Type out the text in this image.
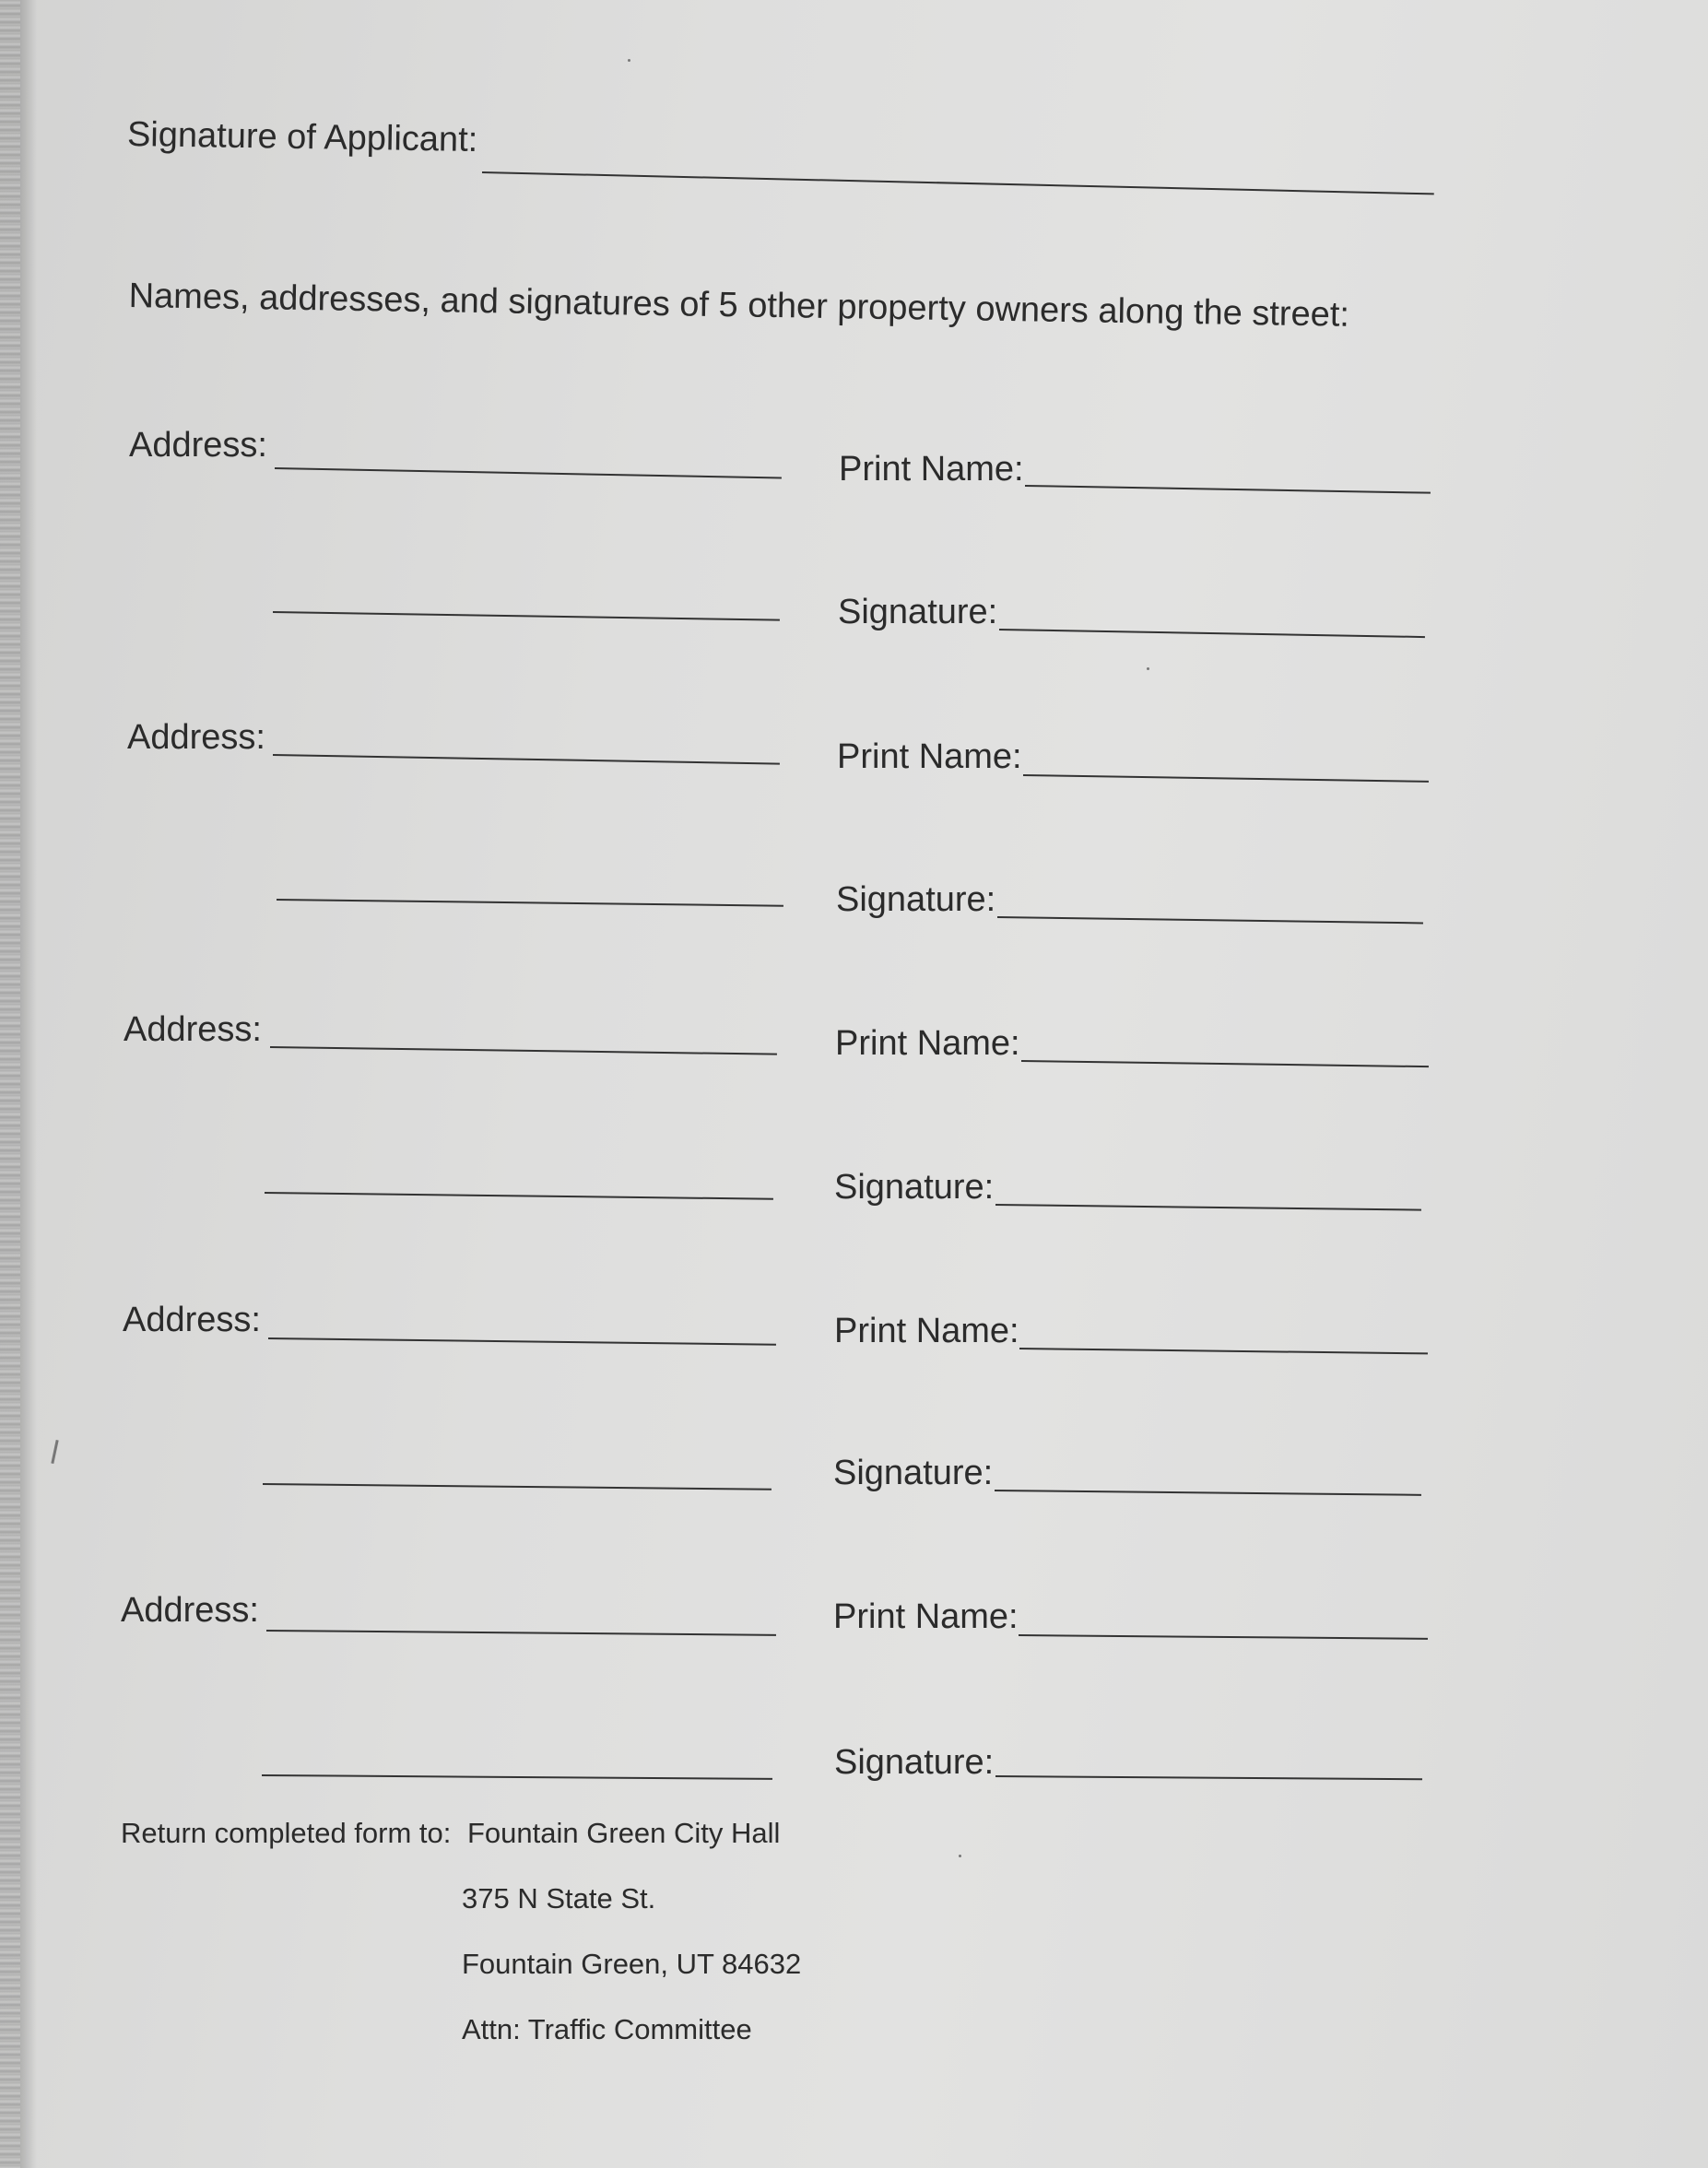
Signature of Applicant:
Names, addresses, and signatures of 5 other property owners along the street:
Address:
Print Name:
Signature:
Address:	Print Name:
Signature:
Address:	Print Name:
Signature:
Address:	Print Name:
Signature:
Address:	Print Name:
Signature:
Return completed form to: Fountain Green City Hall
375 N State St.
Fountain Green, UT 84632
Attn: Traffic Committee
